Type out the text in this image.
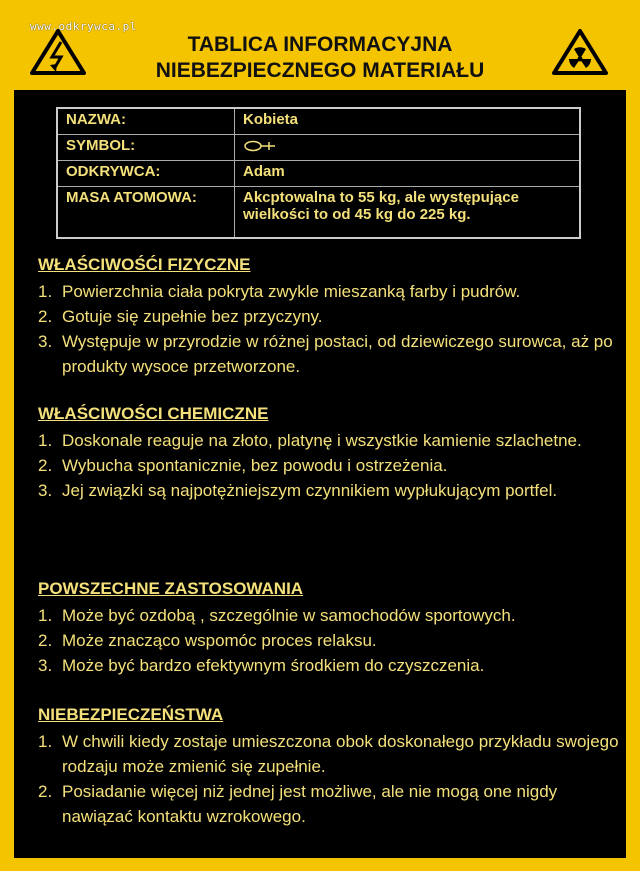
TABLICA INFORMACYJNA
NIEBEZPIECZNEGO MATERIAŁU
www.odkrywca.pl
NAZWA:	Kobieta
SYMBOL:	
ODKRYWCA:	Adam
MASA ATOMOWA:	Akcptowalna to 55 kg, ale występujące wielkości to od 45 kg do 225 kg.
WŁAŚCIWOŚĆI FIZYCZNE
1. Powierzchnia ciała pokryta zwykle mieszanką farby i pudrów.
2. Gotuje się zupełnie bez przyczyny.
3. Występuje w przyrodzie w różnej postaci, od dziewiczego surowca, aż po produkty wysoce przetworzone.
WŁAŚCIWOŚCI CHEMICZNE
1. Doskonale reaguje na złoto, platynę i wszystkie kamienie szlachetne.
2. Wybucha spontanicznie, bez powodu i ostrzeżenia.
3. Jej związki są najpotężniejszym czynnikiem wypłukującym portfel.
POWSZECHNE ZASTOSOWANIA
1. Może być ozdobą , szczególnie w samochodów sportowych.
2. Może znacząco wspomóc proces relaksu.
3. Może być bardzo efektywnym środkiem do czyszczenia.
NIEBEZPIECZEŃSTWA
1. W chwili kiedy zostaje umieszczona obok doskonałego przykładu swojego rodzaju może zmienić się zupełnie.
2. Posiadanie więcej niż jednej jest możliwe, ale nie mogą one nigdy nawiązać kontaktu wzrokowego.
